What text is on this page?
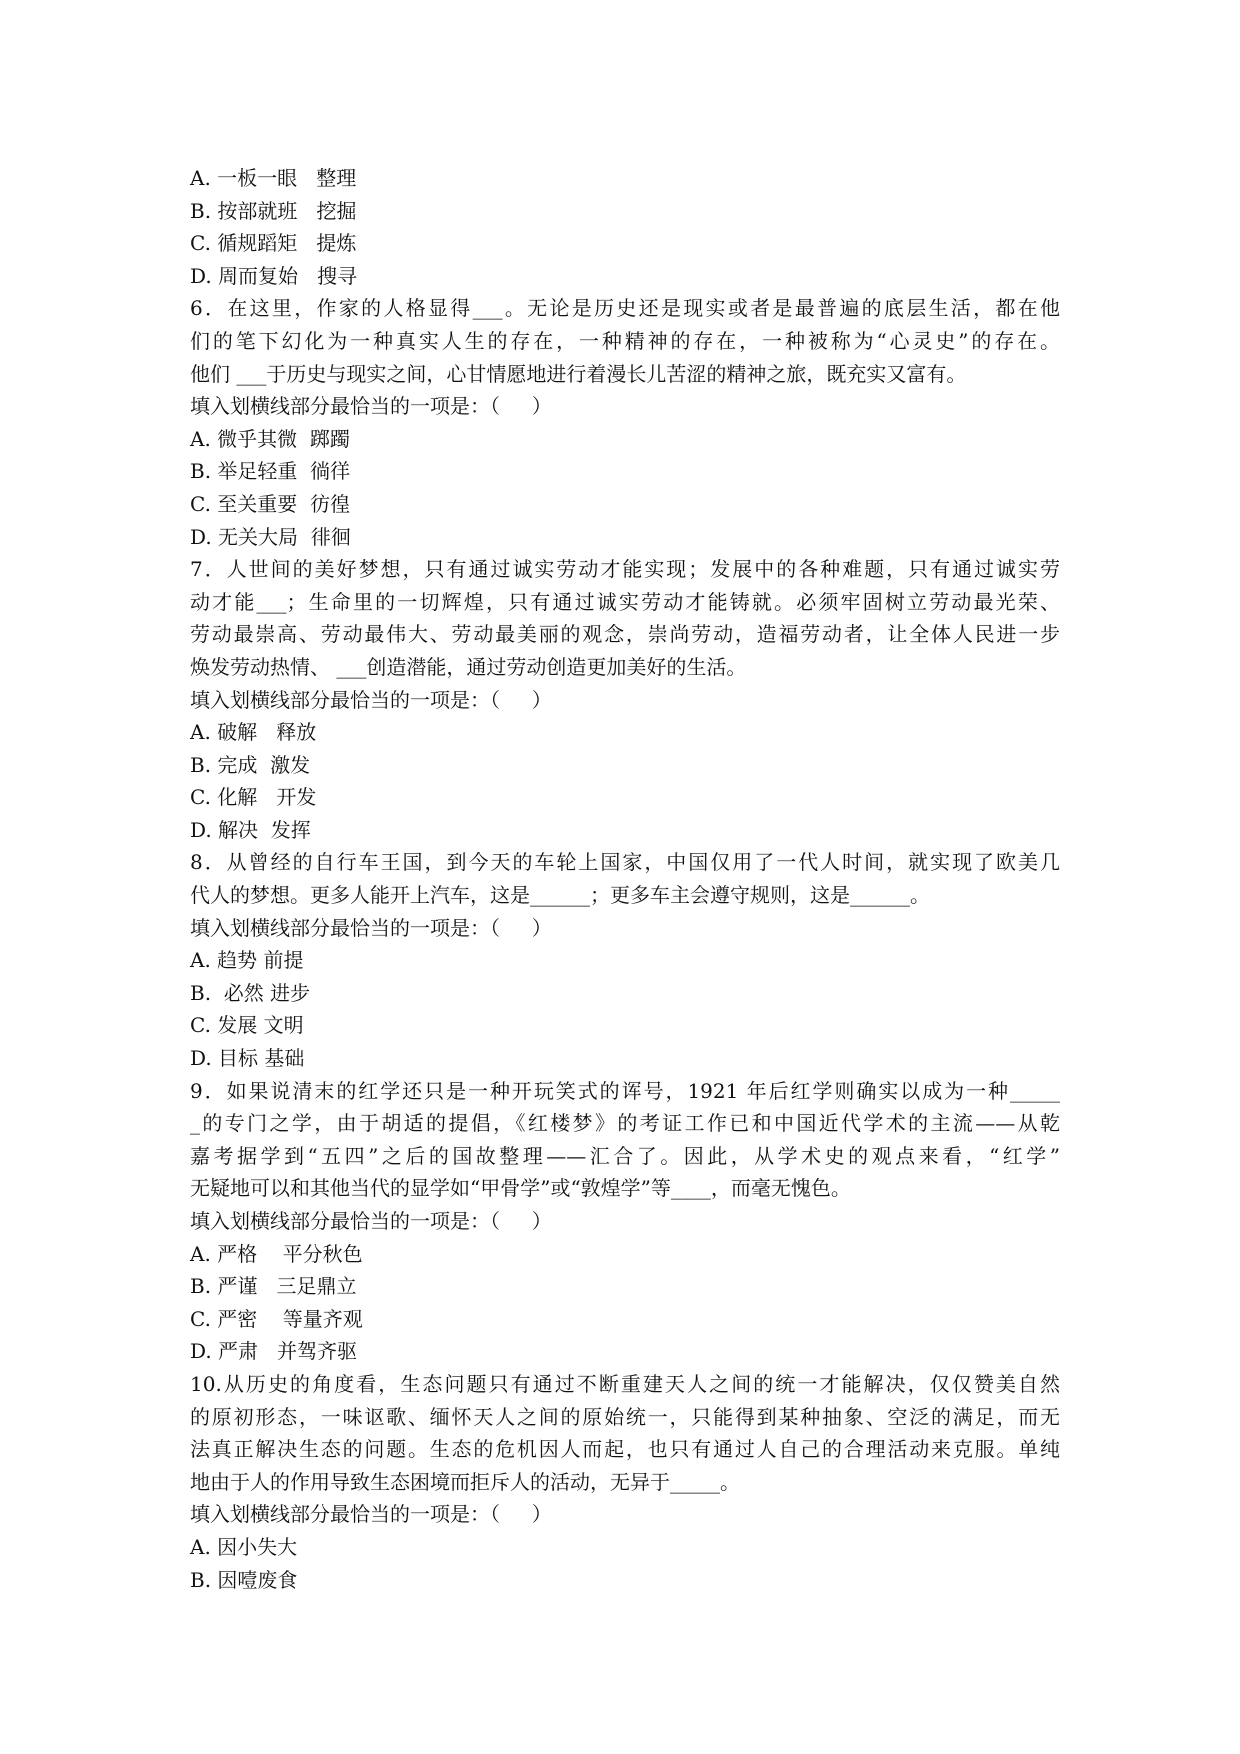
A. 一板一眼   整理
B. 按部就班   挖掘
C. 循规蹈矩   提炼
D. 周而复始   搜寻
6．在这里，作家的人格显得___。无论是历史还是现实或者是最普遍的底层生活，都在他
们的笔下幻化为一种真实人生的存在，一种精神的存在，一种被称为“心灵史”的存在。
他们 ___于历史与现实之间，心甘情愿地进行着漫长儿苦涩的精神之旅，既充实又富有。
填入划横线部分最恰当的一项是：（     ）
A. 微乎其微  踯躅
B. 举足轻重  徜徉
C. 至关重要  彷徨
D. 无关大局  徘徊
7．人世间的美好梦想，只有通过诚实劳动才能实现；发展中的各种难题，只有通过诚实劳
动才能___；生命里的一切辉煌，只有通过诚实劳动才能铸就。必须牢固树立劳动最光荣、
劳动最崇高、劳动最伟大、劳动最美丽的观念，崇尚劳动，造福劳动者，让全体人民进一步
焕发劳动热情、 ___创造潜能，通过劳动创造更加美好的生活。
填入划横线部分最恰当的一项是：（     ）
A. 破解   释放
B. 完成  激发
C. 化解   开发
D. 解决  发挥
8．从曾经的自行车王国，到今天的车轮上国家，中国仅用了一代人时间，就实现了欧美几
代人的梦想。更多人能开上汽车，这是______；更多车主会遵守规则，这是______。
填入划横线部分最恰当的一项是：（     ）
A. 趋势 前提
B.  必然 进步
C. 发展 文明
D. 目标 基础
9．如果说清末的红学还只是一种开玩笑式的诨号，1921 年后红学则确实以成为一种_____
_的专门之学，由于胡适的提倡，《红楼梦》的考证工作已和中国近代学术的主流——从乾
嘉考据学到“五四”之后的国故整理——汇合了。因此，从学术史的观点来看，“红学”
无疑地可以和其他当代的显学如“甲骨学”或“敦煌学”等____，而毫无愧色。
填入划横线部分最恰当的一项是：（     ）
A. 严格    平分秋色
B. 严谨   三足鼎立
C. 严密    等量齐观
D. 严肃   并驾齐驱
10.从历史的角度看，生态问题只有通过不断重建天人之间的统一才能解决，仅仅赞美自然
的原初形态，一味讴歌、缅怀天人之间的原始统一，只能得到某种抽象、空泛的满足，而无
法真正解决生态的问题。生态的危机因人而起，也只有通过人自己的合理活动来克服。单纯
地由于人的作用导致生态困境而拒斥人的活动，无异于_____。
填入划横线部分最恰当的一项是：（     ）
A. 因小失大
B. 因噎废食
